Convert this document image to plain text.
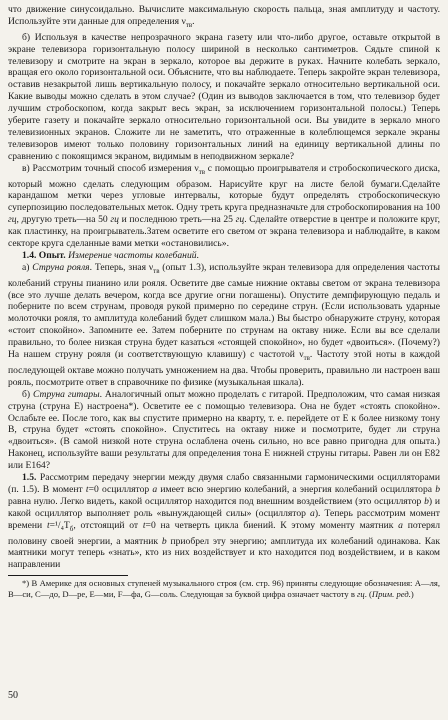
что движение синусоидально. Вычислите максимальную скорость пальца, зная амплитуду и частоту. Используйте эти данные для определения $\nu_{тв}$.

б) Используя в качестве непрозрачного экрана газету или что-либо другое, оставьте открытой в экране телевизора горизонтальную полосу шириной в несколько сантиметров. Сядьте спиной к телевизору и смотрите на экран в зеркало, которое вы держите в руках. Начните колебать зеркало, вращая его около горизонтальной оси. Объясните, что вы наблюдаете. Теперь закройте экран телевизора, оставив незакрытой лишь вертикальную полосу, и покачайте зеркало относительно вертикальной оси. Какие выводы можно сделать в этом случае? (Один из выводов заключается в том, что телевизор будет лучшим стробоскопом, когда закрыт весь экран, за исключением горизонтальной полосы.) Теперь уберите газету и покачайте зеркало относительно горизонтальной оси. Вы увидите в зеркало много телевизионных экранов. Сложите ли не заметить, что отраженные в колеблющемся зеркале экраны телевизоров имеют только половину горизонтальных линий на единицу вертикальной длины по сравнению с покоящимся экраном, видимым в неподвижном зеркале?

в) Рассмотрим точный способ измерения $\nu_{тв}$ с помощью проигрывателя и стробоскопического диска, который можно сделать следующим образом. Нарисуйте круг на листе белой бумаги.Сделайте карандашом метки через угловые интервалы, которые будут определять стробоскопическую суперпозицию последовательных меток. Одну треть круга предназначьте для стробоскопирования на 100 гц, другую треть—на 50 гц и последнюю треть—на 25 гц. Сделайте отверстие в центре и положите круг, как пластинку, на проигрыватель.Затем осветите его светом от экрана телевизора и наблюдайте, в каком секторе круга сделанные вами метки «остановились».

1.4. Опыт. Измерение частоты колебаний.

а) Струна рояля. Теперь, зная $\nu_{тв}$ (опыт 1.3), используйте экран телевизора для определения частоты колебаний струны пианино или рояля. Осветите две самые нижние октавы светом от экрана телевизора (все это лучше делать вечером, когда все другие огни погашены). Опустите демпфирующую педаль и поберните по всем струнам, проводя рукой примерно по середине струн. (Если использовать ударные молоточки рояля, то амплитуда колебаний будет слишком мала.) Вы быстро обнаружите струну, которая «стоит спокойно». Запомните ее. Затем поберните по струнам на октаву ниже. Если вы все сделали правильно, то более низкая струна будет казаться «стоящей спокойно», но будет «двоиться». (Почему?) На нашем струну рояля (и соответствующую клавишу) с частотой $\nu_{тв}$. Частоту этой ноты в каждой последующей октаве можно получать умножением на два. Чтобы проверить, правильно ли настроен ваш рояль, посмотрите ответ в справочнике по физике (музыкальная шкала).

б) Струна гитары. Аналогичный опыт можно проделать с гитарой. Предположим, что самая низкая струна (струна E) настроена*). Осветите ее с помощью телевизора. Она не будет «стоять спокойно». Ослабьте ее. После того, как вы спустите примерно на кварту, т. е. перейдете от E к более низкому тону B, струна будет «стоять спокойно». Спуститесь на октаву ниже и посмотрите, будет ли струна «двоиться». (В самой низкой ноте струна ослаблена очень сильно, но все равно пригодна для опыта.) Наконец, используйте ваши результаты для определения тона E нижней струны гитары. Равен ли он E82 или E164?

1.5. Рассмотрим передачу энергии между двумя слабо связанными гармоническими осцилляторами (п. 1.5). В момент t=0 осциллятор a имеет всю энергию колебаний, а энергия колебаний осциллятора b равна нулю. Легко видеть, какой осциллятор находится под внешним воздействием (это осциллятор b) и какой осциллятор выполняет роль «вынуждающей силы» (осциллятор a). Теперь рассмотрим момент времени $t=^1/_4T_б$, отстоящий от t=0 на четверть цикла биений. К этому моменту маятник a потерял половину своей энергии, а маятник b приобрел эту энергию; амплитуда их колебаний одинакова. Как маятники могут теперь «знать», кто из них воздействует и кто находится под воздействием, и в каком направлении

*) В Америке для основных ступеней музыкального строя (см. стр. 96) приняты следующие обозначения: A—ля, B—си, C—до, D—ре, E—ми, F—фа, G—соль. Следующая за буквой цифра означает частоту в гц. (Прим. ред.)

50
